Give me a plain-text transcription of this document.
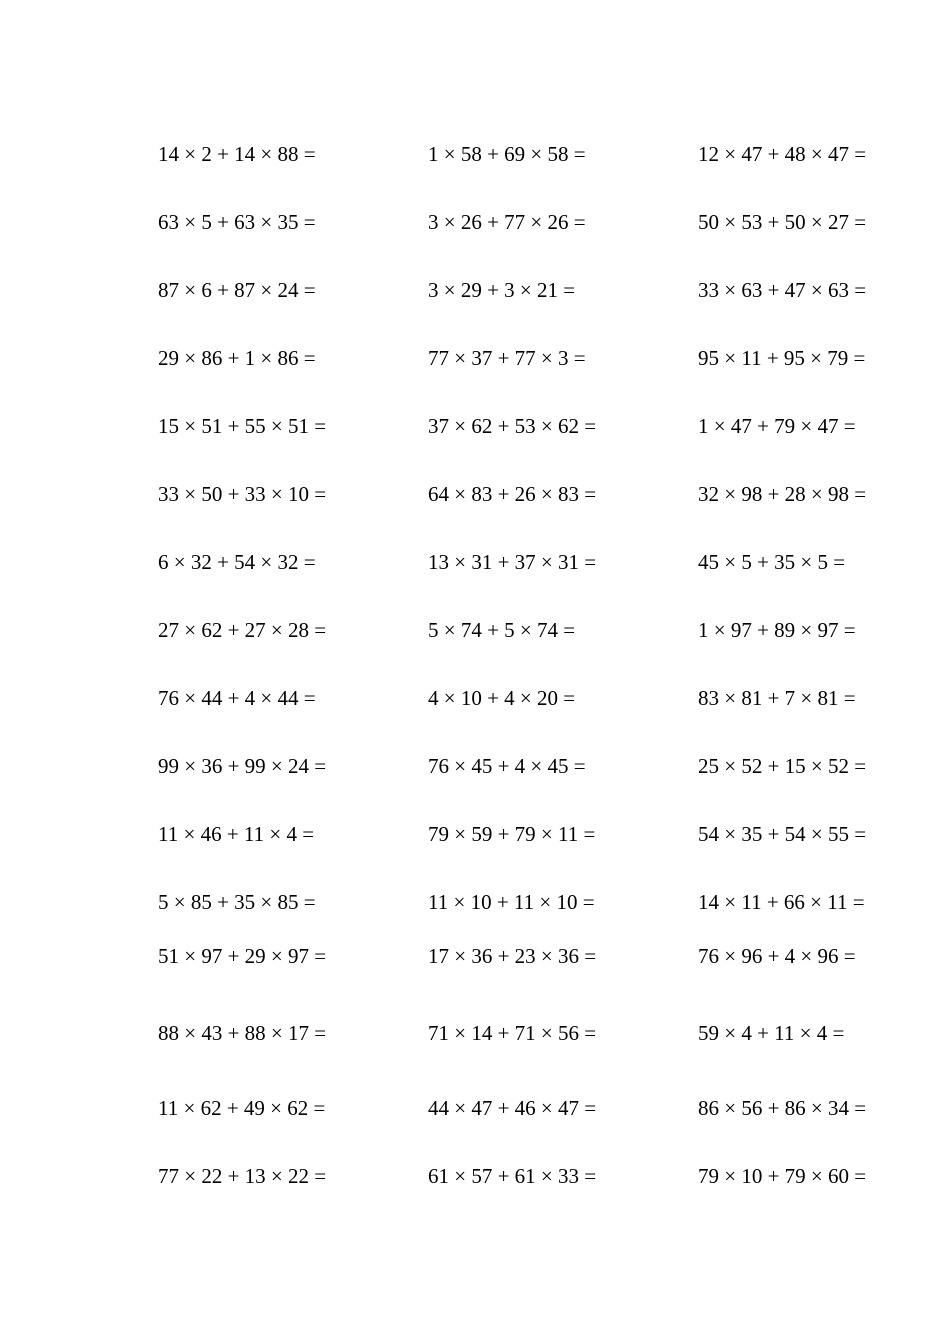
14 × 2 + 14 × 88 =	1 × 58 + 69 × 58 =	12 × 47 + 48 × 47 =
63 × 5 + 63 × 35 =	3 × 26 + 77 × 26 =	50 × 53 + 50 × 27 =
87 × 6 + 87 × 24 =	3 × 29 + 3 × 21 =	33 × 63 + 47 × 63 =
29 × 86 + 1 × 86 =	77 × 37 + 77 × 3 =	95 × 11 + 95 × 79 =
15 × 51 + 55 × 51 =	37 × 62 + 53 × 62 =	1 × 47 + 79 × 47 =
33 × 50 + 33 × 10 =	64 × 83 + 26 × 83 =	32 × 98 + 28 × 98 =
6 × 32 + 54 × 32 =	13 × 31 + 37 × 31 =	45 × 5 + 35 × 5 =
27 × 62 + 27 × 28 =	5 × 74 + 5 × 74 =	1 × 97 + 89 × 97 =
76 × 44 + 4 × 44 =	4 × 10 + 4 × 20 =	83 × 81 + 7 × 81 =
99 × 36 + 99 × 24 =	76 × 45 + 4 × 45 =	25 × 52 + 15 × 52 =
11 × 46 + 11 × 4 =	79 × 59 + 79 × 11 =	54 × 35 + 54 × 55 =
5 × 85 + 35 × 85 =	11 × 10 + 11 × 10 =	14 × 11 + 66 × 11 =
51 × 97 + 29 × 97 =	17 × 36 + 23 × 36 =	76 × 96 + 4 × 96 =
88 × 43 + 88 × 17 =	71 × 14 + 71 × 56 =	59 × 4 + 11 × 4 =
11 × 62 + 49 × 62 =	44 × 47 + 46 × 47 =	86 × 56 + 86 × 34 =
77 × 22 + 13 × 22 =	61 × 57 + 61 × 33 =	79 × 10 + 79 × 60 =
